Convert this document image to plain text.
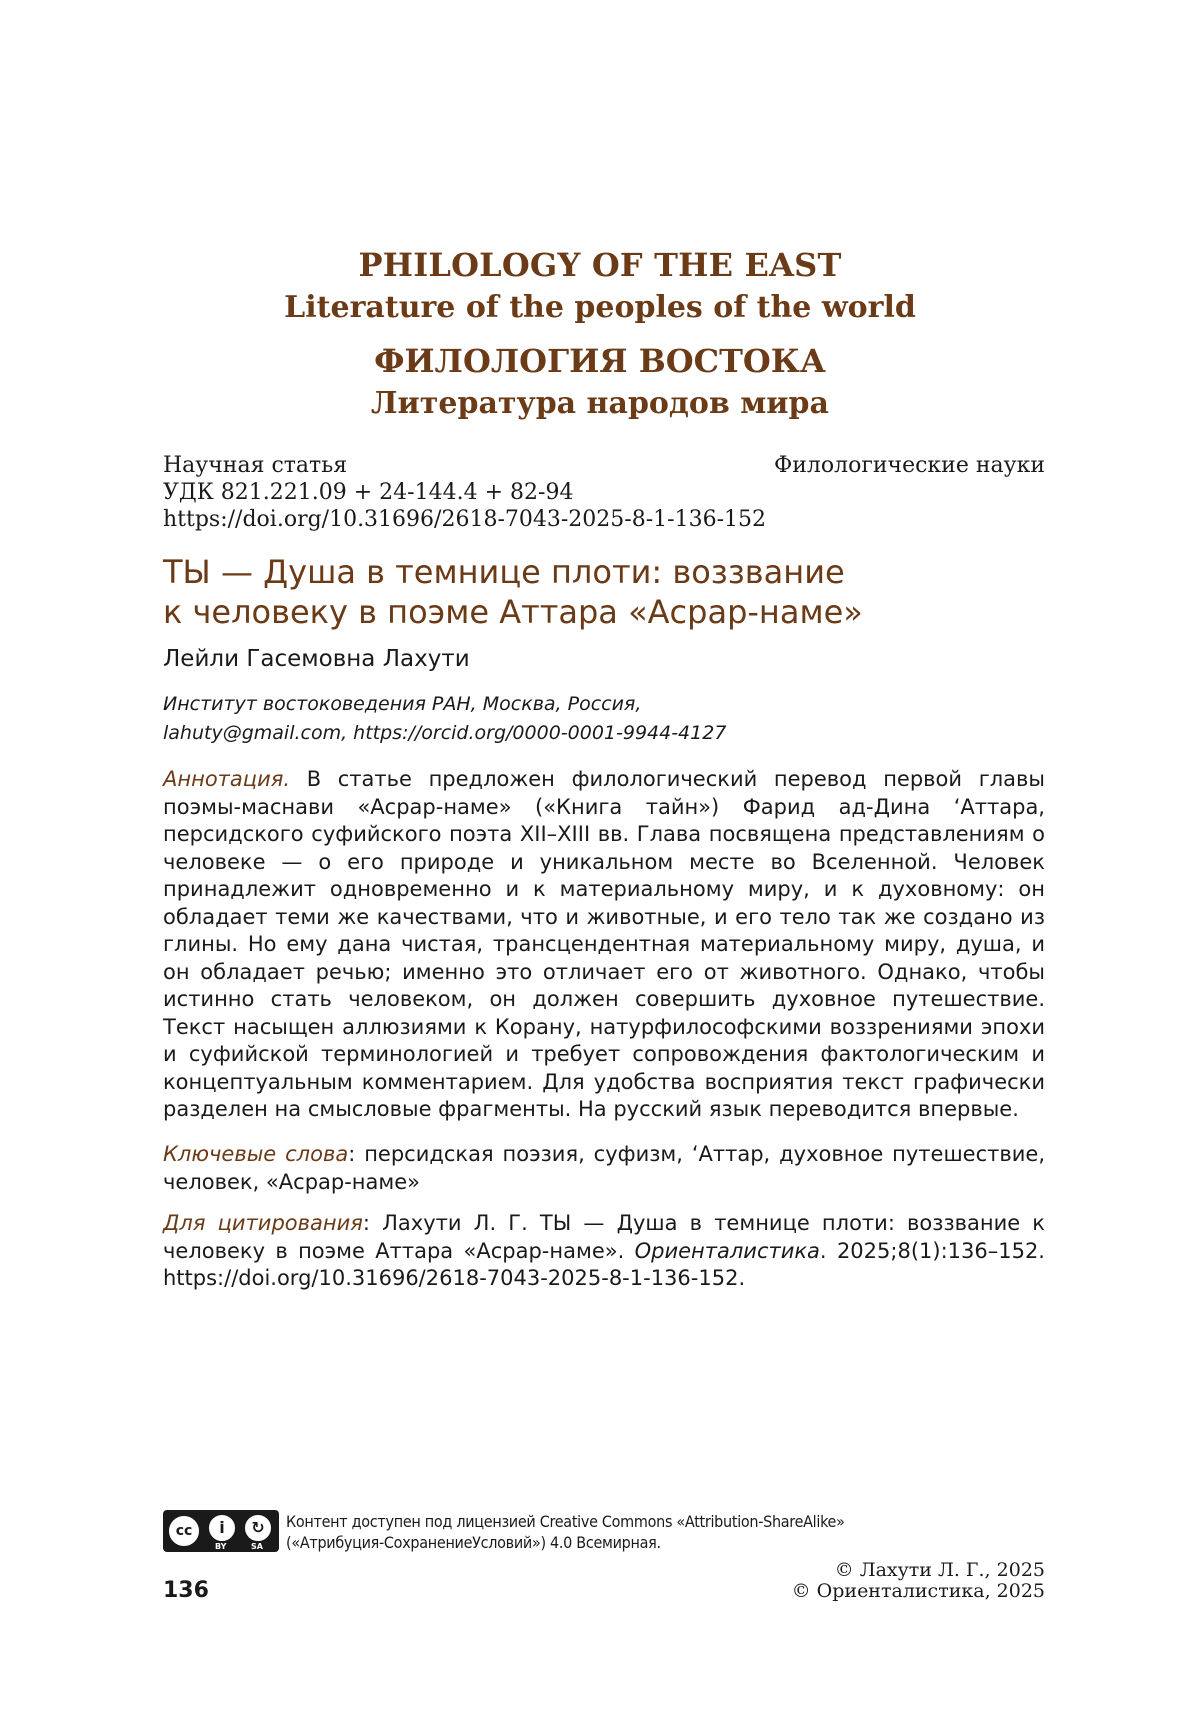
PHILOLOGY OF THE EAST
Literature of the peoples of the world
ФИЛОЛОГИЯ ВОСТОКА
Литература народов мира
Научная статья	Филологические науки
УДК 821.221.09 + 24-144.4 + 82-94
https://doi.org/10.31696/2618-7043-2025-8-1-136-152
ТЫ — Душа в темнице плоти: воззвание
к человеку в поэме Аттара «Асрар-наме»
Лейли Гасемовна Лахути
Институт востоковедения РАН, Москва, Россия,
lahuty@gmail.com, https://orcid.org/0000-0001-9944-4127
Аннотация. В статье предложен филологический перевод первой главы поэмы-маснави «Асрар-наме» («Книга тайн») Фарид ад-Дина ʻАттара, персидского суфийского поэта XII–XIII вв. Глава посвящена представлениям о человеке — о его природе и уникальном месте во Вселенной. Человек принадлежит одновременно и к материальному миру, и к духовному: он обладает теми же качествами, что и животные, и его тело так же создано из глины. Но ему дана чистая, трансцендентная материальному миру, душа, и он обладает речью; именно это отличает его от животного. Однако, чтобы истинно стать человеком, он должен совершить духовное путешествие. Текст насыщен аллюзиями к Корану, натурфилософскими воззрениями эпохи и суфийской терминологией и требует сопровождения фактологическим и концептуальным комментарием. Для удобства восприятия текст графически разделен на смысловые фрагменты. На русский язык переводится впервые.
Ключевые слова: персидская поэзия, суфизм, ʻАттар, духовное путешествие, человек, «Асрар-наме»
Для цитирования: Лахути Л. Г. ТЫ — Душа в темнице плоти: воззвание к человеку в поэме Аттара «Асрар-наме». Ориенталистика. 2025;8(1):136–152. https://doi.org/10.31696/2618-7043-2025-8-1-136-152.
cc	i	↻
BY	SA
Контент доступен под лицензией Creative Commons «Attribution-ShareAlike»
(«Атрибуция-СохранениеУсловий») 4.0 Всемирная.
136
© Лахути Л. Г., 2025
© Ориенталистика, 2025
